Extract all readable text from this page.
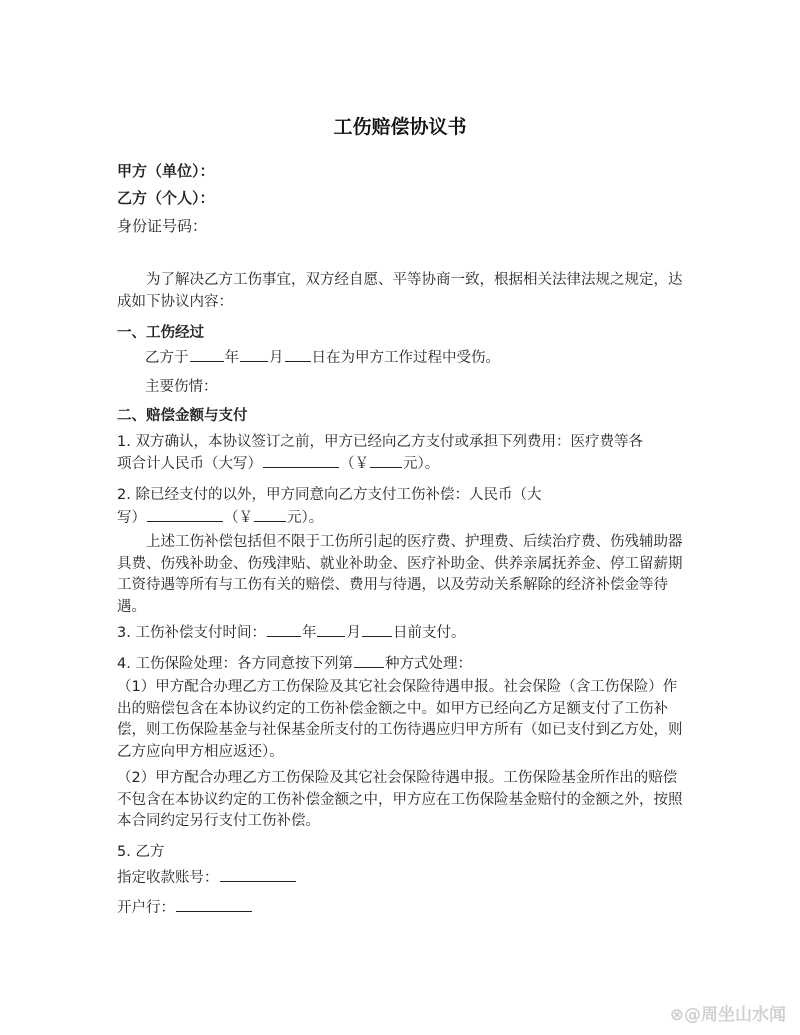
工伤赔偿协议书
甲方（单位）：
乙方（个人）：
身份证号码：
为了解决乙方工伤事宜，双方经自愿、平等协商一致，根据相关法律法规之规定，达成如下协议内容：
一、工伤经过
乙方于 年 月 日在为甲方工作过程中受伤。
主要伤情：
二、赔偿金额与支付
1. 双方确认，本协议签订之前，甲方已经向乙方支付或承担下列费用：医疗费等各
项合计人民币（大写）	（￥ 元）。
2. 除已经支付的以外，甲方同意向乙方支付工伤补偿：人民币（大
写）	（￥ 元）。
上述工伤补偿包括但不限于工伤所引起的医疗费、护理费、后续治疗费、伤残辅助器具费、伤残补助金、伤残津贴、就业补助金、医疗补助金、供养亲属抚养金、停工留薪期工资待遇等所有与工伤有关的赔偿、费用与待遇，以及劳动关系解除的经济补偿金等待遇。
3. 工伤补偿支付时间： 年 月 日前支付。
4. 工伤保险处理：各方同意按下列第 种方式处理：
（1）甲方配合办理乙方工伤保险及其它社会保险待遇申报。社会保险（含工伤保险）作出的赔偿包含在本协议约定的工伤补偿金额之中。如甲方已经向乙方足额支付了工伤补偿，则工伤保险基金与社保基金所支付的工伤待遇应归甲方所有（如已支付到乙方处，则乙方应向甲方相应返还）。
（2）甲方配合办理乙方工伤保险及其它社会保险待遇申报。工伤保险基金所作出的赔偿不包含在本协议约定的工伤补偿金额之中，甲方应在工伤保险基金赔付的金额之外，按照本合同约定另行支付工伤补偿。
5. 乙方
指定收款账号：
开户行：
⊗@周坐山水闻
